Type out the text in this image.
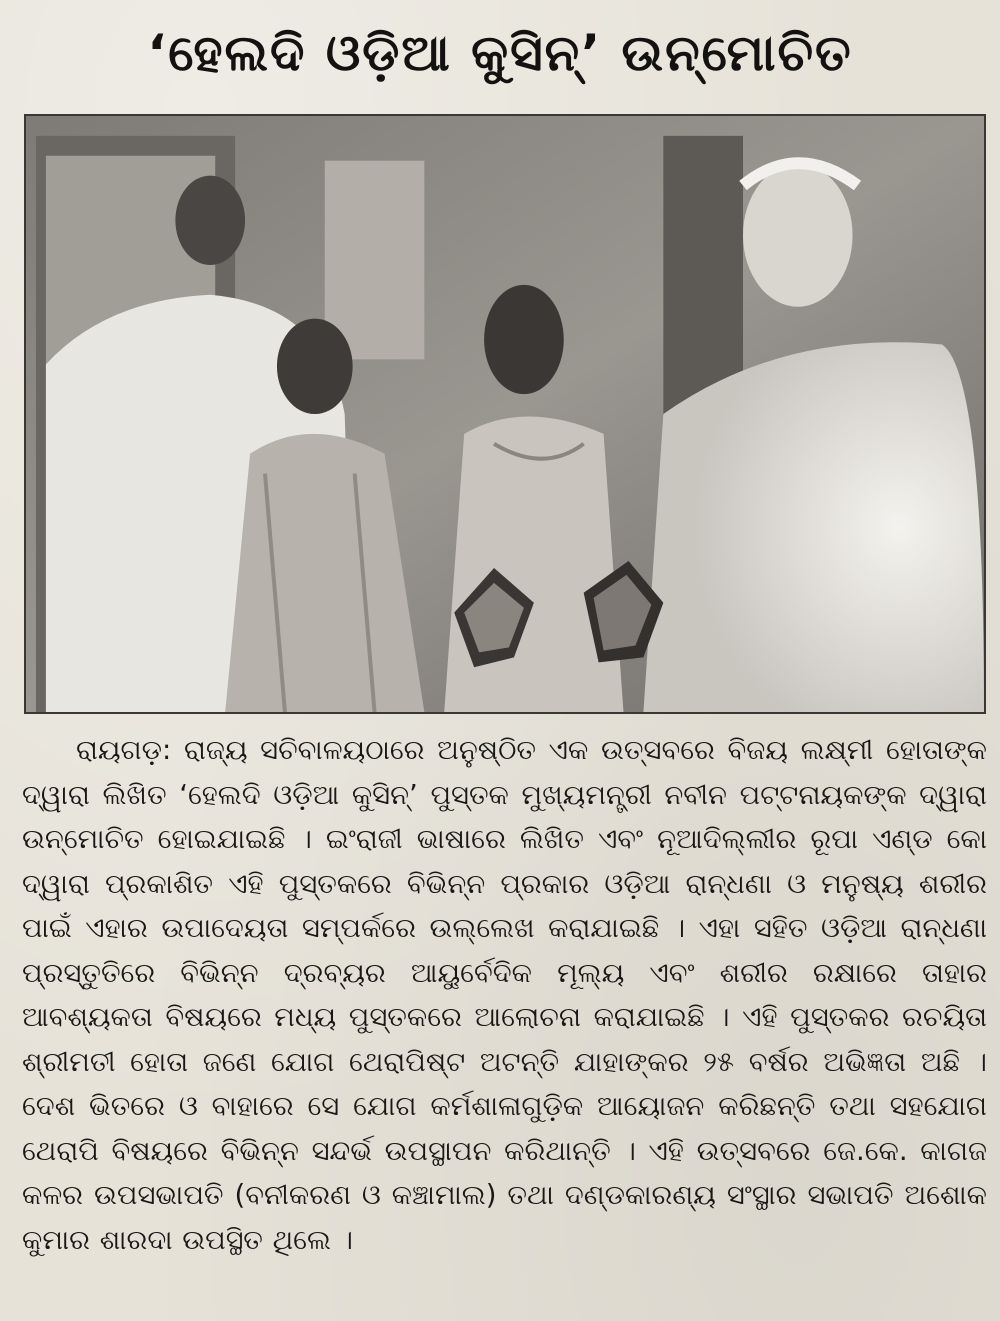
‘ହେଲଦି ଓଡ଼ିଆ କୁସିନ୍’ ଉନ୍ମୋଚିତ

ରାୟଗଡ଼: ରାଜ୍ୟ ସଚିବାଳୟଠାରେ ଅନୁଷ୍ଠିତ ଏକ ଉତ୍ସବରେ ବିଜୟ ଲକ୍ଷ୍ମୀ ହୋତାଙ୍କ ଦ୍ୱାରା ଲିଖିତ ‘ହେଲଦି ଓଡ଼ିଆ କୁସିନ୍’ ପୁସ୍ତକ ମୁଖ୍ୟମନ୍ତ୍ରୀ ନବୀନ ପଟ୍ଟନାୟକଙ୍କ ଦ୍ୱାରା ଉନ୍ମୋଚିତ ହୋଇଯାଇଛି । ଇଂରାଜୀ ଭାଷାରେ ଲିଖିତ ଏବଂ ନୂଆଦିଲ୍ଲୀର ରୂପା ଏଣ୍ଡ କୋ ଦ୍ୱାରା ପ୍ରକାଶିତ ଏହି ପୁସ୍ତକରେ ବିଭିନ୍ନ ପ୍ରକାର ଓଡ଼ିଆ ରାନ୍ଧଣା ଓ ମନୁଷ୍ୟ ଶରୀର ପାଇଁ ଏହାର ଉପାଦେୟତା ସମ୍ପର୍କରେ ଉଲ୍ଲେଖ କରାଯାଇଛି । ଏହା ସହିତ ଓଡ଼ିଆ ରାନ୍ଧଣା ପ୍ରସ୍ତୁତିରେ ବିଭିନ୍ନ ଦ୍ରବ୍ୟର ଆୟୁର୍ବେଦିକ ମୂଲ୍ୟ ଏବଂ ଶରୀର ରକ୍ଷାରେ ତାହାର ଆବଶ୍ୟକତା ବିଷୟରେ ମଧ୍ୟ ପୁସ୍ତକରେ ଆଲୋଚନା କରାଯାଇଛି । ଏହି ପୁସ୍ତକର ରଚୟିତା ଶ୍ରୀମତୀ ହୋତା ଜଣେ ଯୋଗ ଥେରାପିଷ୍ଟ ଅଟନ୍ତି ଯାହାଙ୍କର ୨୫ ବର୍ଷର ଅଭିଜ୍ଞତା ଅଛି । ଦେଶ ଭିତରେ ଓ ବାହାରେ ସେ ଯୋଗ କର୍ମଶାଳାଗୁଡ଼ିକ ଆୟୋଜନ କରିଛନ୍ତି ତଥା ସହଯୋଗ ଥେରାପି ବିଷୟରେ ବିଭିନ୍ନ ସନ୍ଦର୍ଭ ଉପସ୍ଥାପନ କରିଥାନ୍ତି । ଏହି ଉତ୍ସବରେ ଜେ.କେ. କାଗଜ କଳର ଉପସଭାପତି (ବନୀକରଣ ଓ କଞ୍ଚାମାଲ) ତଥା ଦଣ୍ଡକାରଣ୍ୟ ସଂସ୍ଥାର ସଭାପତି ଅଶୋକ କୁମାର ଶାରଦା ଉପସ୍ଥିତ ଥିଲେ ।
